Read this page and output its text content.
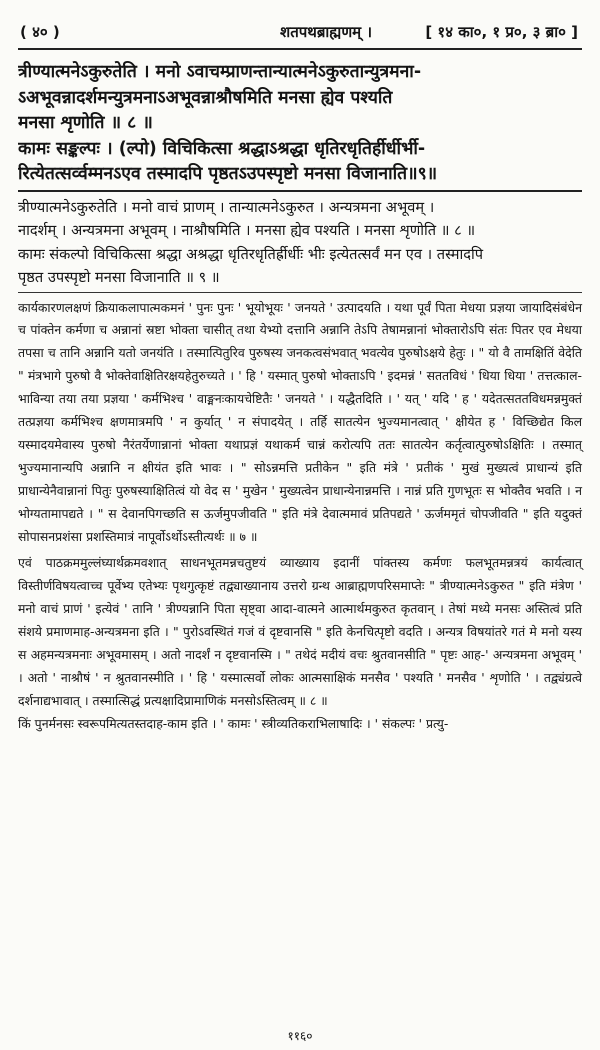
( ४० )	शतपथब्राह्मणम् ।	[ १४ का०, १ प्र०, ३ ब्रा० ]
त्रीण्यात्मनेऽकुरुतेति । मनो ऽवाचम्प्राणन्तान्यात्मनेऽकुरुतान्युत्रमना-
ऽअभूवन्नादर्शमन्युत्रमनाऽअभूवन्नाश्रौषमिति मनसा ह्येव पश्यति
मनसा शृणोति ॥ ८ ॥
कामः सङ्कल्पः । (ल्पो) विचिकित्सा श्रद्धाऽश्रद्धा धृतिरधृतिर्हीर्धीर्भी-
रित्येतत्सर्व्वम्मनऽएव तस्मादपि पृष्ठतऽउपस्पृष्टो मनसा विजानाति॥९॥
त्रीण्यात्मनेऽकुरुतेति । मनो वाचं प्राणम् । तान्यात्मनेऽकुरुत । अन्यत्रमना अभूवम् ।
नादर्शम् । अन्यत्रमना अभूवम् । नाश्रौषमिति । मनसा ह्येव पश्यति । मनसा शृणोति ॥ ८ ॥
कामः संकल्पो विचिकित्सा श्रद्धा अश्रद्धा धृतिरधृतिर्ह्रीर्धीः भीः इत्येतत्सर्वं मन एव । तस्मादपि
पृष्ठत उपस्पृष्टो मनसा विजानाति ॥ ९ ॥

कार्यकारणलक्षणं क्रियाकलापात्मकमनं ' पुनः पुनः ' भूयोभूयः ' जनयते ' उत्पादयति । यथा पूर्वं पिता मेधया प्रज्ञया जायादिसंबंधेन च पांक्तेन कर्मणा च अन्नानां स्रष्टा भोक्ता चासीत् तथा येभ्यो दत्तानि अन्नानि तेऽपि तेषामन्नानां भोक्तारोऽपि संतः पितर एव मेधया तपसा च तानि अन्नानि यतो जनयंति । तस्मात्पितुरिव पुरुषस्य जनकत्वसंभवात् भवत्येव पुरुषोऽक्षये हेतुः । " यो वै तामक्षितिं वेदेति " मंत्रभागे पुरुषो वै भोक्तेवाक्षितिरक्षयहेतुरुच्यते । ' हि ' यस्मात् पुरुषो भोक्ताऽपि ' इदमन्नं ' सततविधं ' धिया धिया ' तत्तत्काल-भाविन्या तया तया प्रज्ञया ' कर्मभिश्च ' वाङ्मनःकायचेष्टितैः ' जनयते ' । यद्धैतदिति । ' यत् ' यदि ' ह ' यदेतत्सततविधमन्नमुक्तं तत्प्रज्ञया कर्मभिश्च क्षणमात्रमपि ' न कुर्यात् ' न संपादयेत् । तर्हि सातत्येन भुज्यमानत्वात् ' क्षीयेत ह ' विच्छिद्येत किल यस्मादयमेवास्य पुरुषो नैरंतर्येणान्नानां भोक्ता यथाप्रज्ञं यथाकर्म चान्नं करोत्यपि ततः सातत्येन कर्तृत्वात्पुरुषोऽक्षितिः । तस्मात् भुज्यमानान्यपि अन्नानि न क्षीयंत इति भावः । " सोऽन्नमत्ति प्रतीकेन " इति मंत्रे ' प्रतीकं ' मुखं मुख्यत्वं प्राधान्यं इति प्राधान्येनैवान्नानां पितुः पुरुषस्याक्षितित्वं यो वेद स ' मुखेन ' मुख्यत्वेन प्राधान्येनान्नमत्ति । नान्नं प्रति गुणभूतः स भोक्तैव भवति । न भोग्यतामापद्यते । " स देवानपिगच्छति स ऊर्जमुपजीवति " इति मंत्रे देवात्ममावं प्रतिपद्यते ' ऊर्जममृतं चोपजीवति " इति यदुक्तं सोपासनप्रशंसा प्रशस्तिमात्रं नापूर्वोऽर्थोऽस्तीत्यर्थः ॥ ७ ॥

एवं पाठक्रममुल्लंघ्यार्थक्रमवशात् साधनभूतमन्नचतुष्टयं व्याख्याय इदानीं पांक्तस्य कर्मणः फलभूतमन्नत्रयं कार्यत्वात् विस्तीर्णविषयत्वाच्च पूर्वेभ्य एतेभ्यः पृथगुत्कृष्टं तद्व्याख्यानाय उत्तरो ग्रन्थ आब्राह्मणपरिसमाप्तेः " त्रीण्यात्मनेऽकुरुत " इति मंत्रेण ' मनो वाचं प्राणं ' इत्येवं ' तानि ' त्रीण्यन्नानि पिता सृष्ट्वा आदा-वात्मने आत्मार्थमकुरुत कृतवान् । तेषां मध्ये मनसः अस्तित्वं प्रति संशये प्रमाणमाह-अन्यत्रमना इति । " पुरोऽवस्थितं गजं वं दृष्टवानसि " इति केनचित्पृष्टो वदति । अन्यत्र विषयांतरे गतं मे मनो यस्य स अहमन्यत्रमनाः अभूवमासम् । अतो नादर्शं न दृष्टवानस्मि । " तथेदं मदीयं वचः श्रुतवानसीति " पृष्टः आह-' अन्यत्रमना अभूवम् ' । अतो ' नाश्रौषं ' न श्रुतवानस्मीति । ' हि ' यस्मात्सर्वो लोकः आत्मसाक्षिकं मनसैव ' पश्यति ' मनसैव ' शृणोति ' । तद्व्यंग्रत्वे दर्शनाद्यभावात् । तस्मात्सिद्धं प्रत्यक्षादिप्रामाणिकं मनसोऽस्तित्वम् ॥ ८ ॥

किं पुनर्मनसः स्वरूपमित्यतस्तदाह-काम इति । ' कामः ' स्त्रीव्यतिकराभिलाषादिः । ' संकल्पः ' प्रत्यु-

११६०
